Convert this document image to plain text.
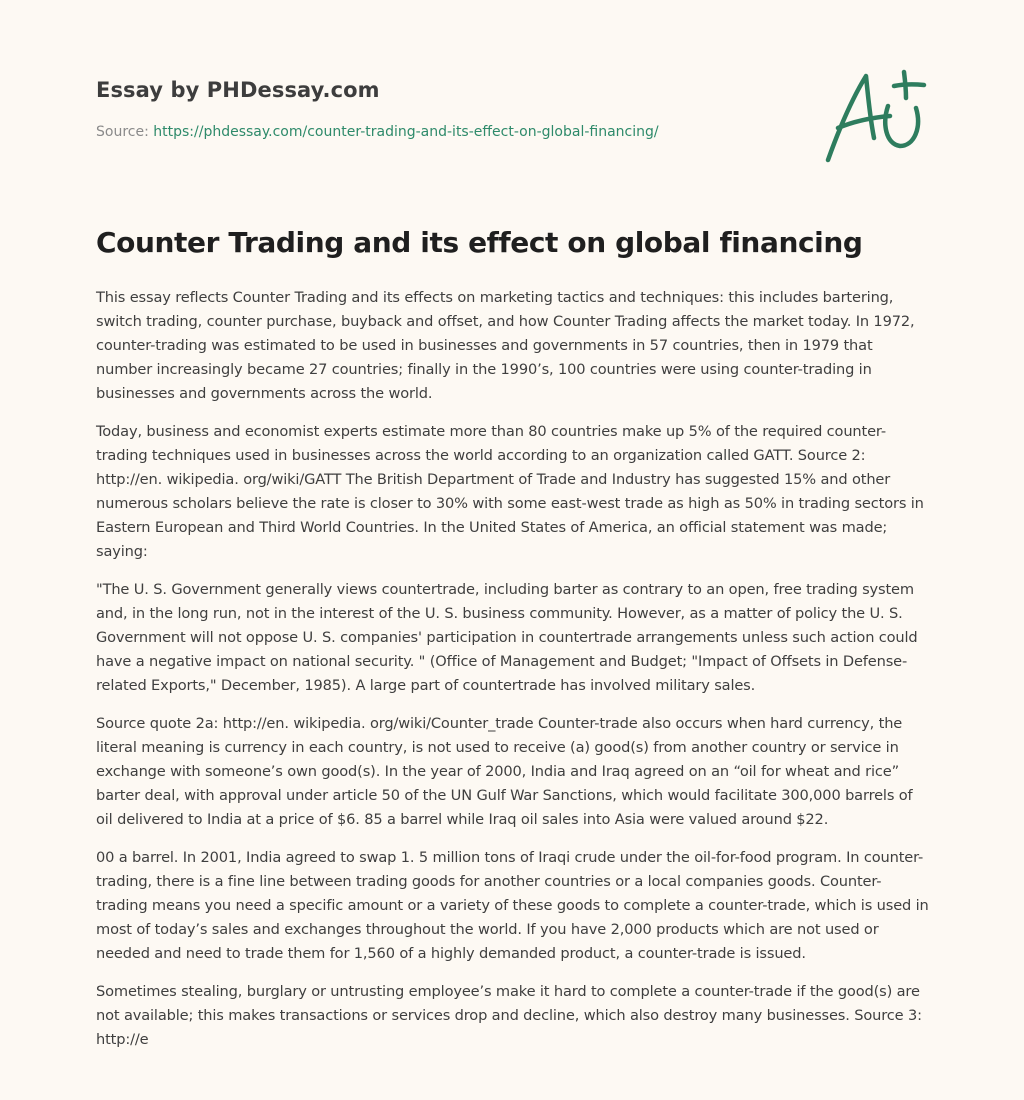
Essay by PHDessay.com
Source: https://phdessay.com/counter-trading-and-its-effect-on-global-financing/
Counter Trading and its effect on global financing

This essay reflects Counter Trading and its effects on marketing tactics and techniques: this includes bartering, switch trading, counter purchase, buyback and offset, and how Counter Trading affects the market today. In 1972, counter-trading was estimated to be used in businesses and governments in 57 countries, then in 1979 that number increasingly became 27 countries; finally in the 1990’s, 100 countries were using counter-trading in businesses and governments across the world.

Today, business and economist experts estimate more than 80 countries make up 5% of the required counter-trading techniques used in businesses across the world according to an organization called GATT. Source 2: http://en. wikipedia. org/wiki/GATT The British Department of Trade and Industry has suggested 15% and other numerous scholars believe the rate is closer to 30% with some east-west trade as high as 50% in trading sectors in Eastern European and Third World Countries. In the United States of America, an official statement was made; saying:

"The U. S. Government generally views countertrade, including barter as contrary to an open, free trading system and, in the long run, not in the interest of the U. S. business community. However, as a matter of policy the U. S. Government will not oppose U. S. companies' participation in countertrade arrangements unless such action could have a negative impact on national security. " (Office of Management and Budget; "Impact of Offsets in Defense-related Exports," December, 1985). A large part of countertrade has involved military sales.

Source quote 2a: http://en. wikipedia. org/wiki/Counter_trade Counter-trade also occurs when hard currency, the literal meaning is currency in each country, is not used to receive (a) good(s) from another country or service in exchange with someone’s own good(s). In the year of 2000, India and Iraq agreed on an “oil for wheat and rice” barter deal, with approval under article 50 of the UN Gulf War Sanctions, which would facilitate 300,000 barrels of oil delivered to India at a price of $6. 85 a barrel while Iraq oil sales into Asia were valued around $22.

00 a barrel. In 2001, India agreed to swap 1. 5 million tons of Iraqi crude under the oil-for-food program. In counter-trading, there is a fine line between trading goods for another countries or a local companies goods. Counter-trading means you need a specific amount or a variety of these goods to complete a counter-trade, which is used in most of today’s sales and exchanges throughout the world. If you have 2,000 products which are not used or needed and need to trade them for 1,560 of a highly demanded product, a counter-trade is issued.

Sometimes stealing, burglary or untrusting employee’s make it hard to complete a counter-trade if the good(s) are not available; this makes transactions or services drop and decline, which also destroy many businesses. Source 3: http://e
